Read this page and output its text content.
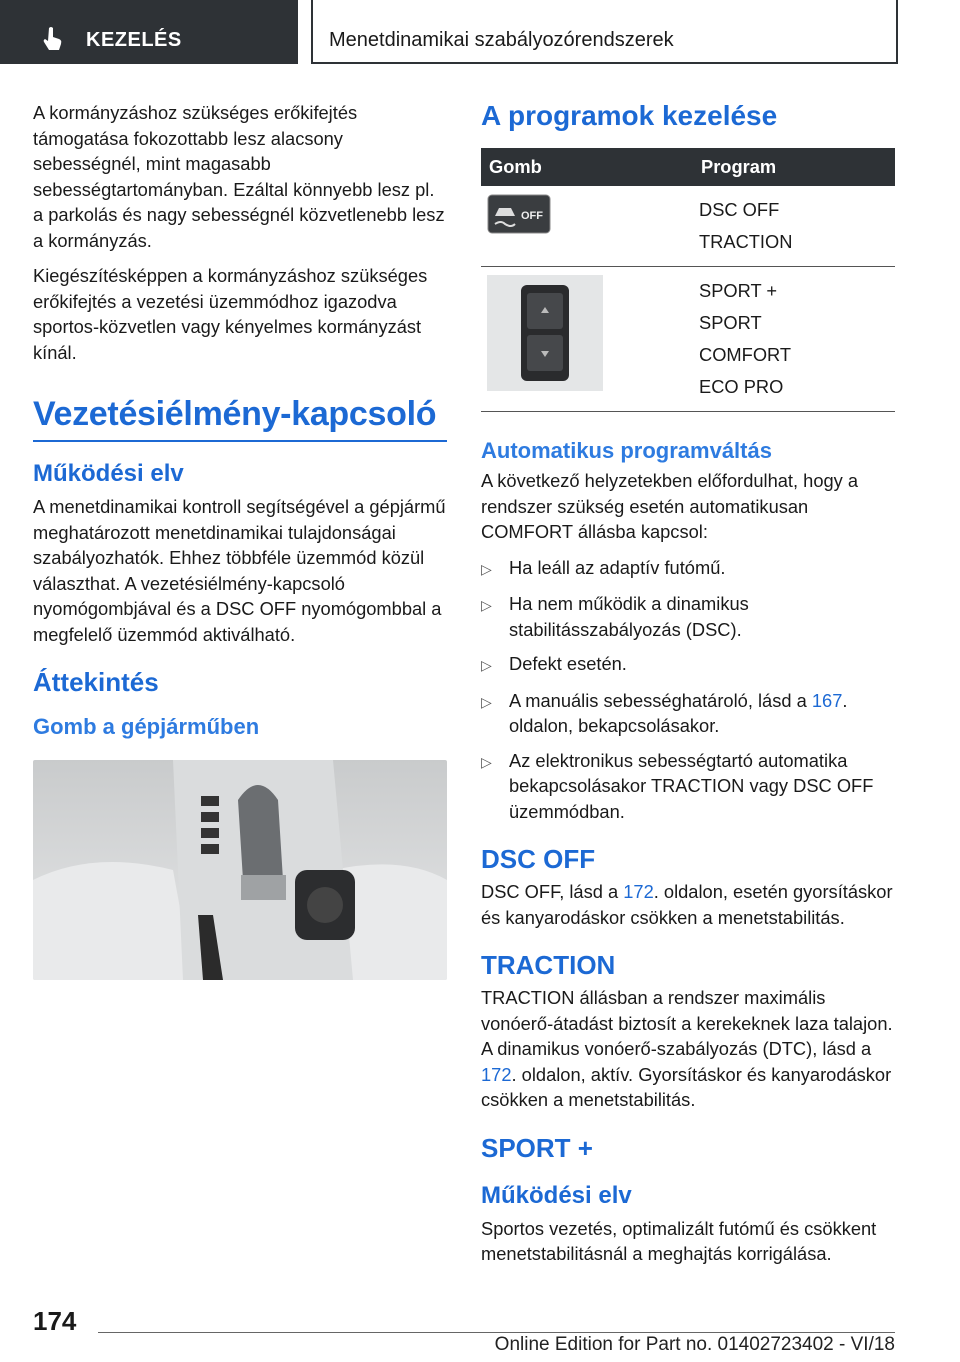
KEZELÉS	Menetdinamikai szabályozórendszerek

A kormányzáshoz szükséges erőkifejtés támogatása fokozottabb lesz alacsony sebességnél, mint magasabb sebességtartományban. Ezáltal könnyebb lesz pl. a parkolás és nagy sebességnél közvetlenebb lesz a kormányzás.

Kiegészítésképpen a kormányzáshoz szükséges erőkifejtés a vezetési üzemmódhoz igazodva sportos-közvetlen vagy kényelmes kormányzást kínál.

Vezetésiélmény-kapcsoló
Működési elv

A menetdinamikai kontroll segítségével a gépjármű meghatározott menetdinamikai tulajdonságai szabályozhatók. Ehhez többféle üzemmód közül választhat. A vezetésiélmény-kapcsoló nyomógombjával és a DSC OFF nyomógombbal a megfelelő üzemmód aktiválható.

Áttekintés
Gomb a gépjárműben
A programok kezelése
Gomb	Program

OFF	DSC OFF
TRACTION

SPORT +
SPORT
COMFORT
ECO PRO
Automatikus programváltás

A következő helyzetekben előfordulhat, hogy a rendszer szükség esetén automatikusan COMFORT állásba kapcsol:

▷ Ha leáll az adaptív futómű.
▷ Ha nem működik a dinamikus stabilitásszabályozás (DSC).
▷ Defekt esetén.
▷ A manuális sebességhatároló, lásd a 167. oldalon, bekapcsolásakor.
▷ Az elektronikus sebességtartó automatika bekapcsolásakor TRACTION vagy DSC OFF üzemmódban.
DSC OFF

DSC OFF, lásd a 172. oldalon, esetén gyorsításkor és kanyarodáskor csökken a menetstabilitás.

TRACTION

TRACTION állásban a rendszer maximális vonóerő-átadást biztosít a kerekeknek laza talajon. A dinamikus vonóerő-szabályozás (DTC), lásd a 172. oldalon, aktív. Gyorsításkor és kanyarodáskor csökken a menetstabilitás.

SPORT +
Működési elv

Sportos vezetés, optimalizált futómű és csökkent menetstabilitásnál a meghajtás korrigálása.

174
Online Edition for Part no. 01402723402 - VI/18
